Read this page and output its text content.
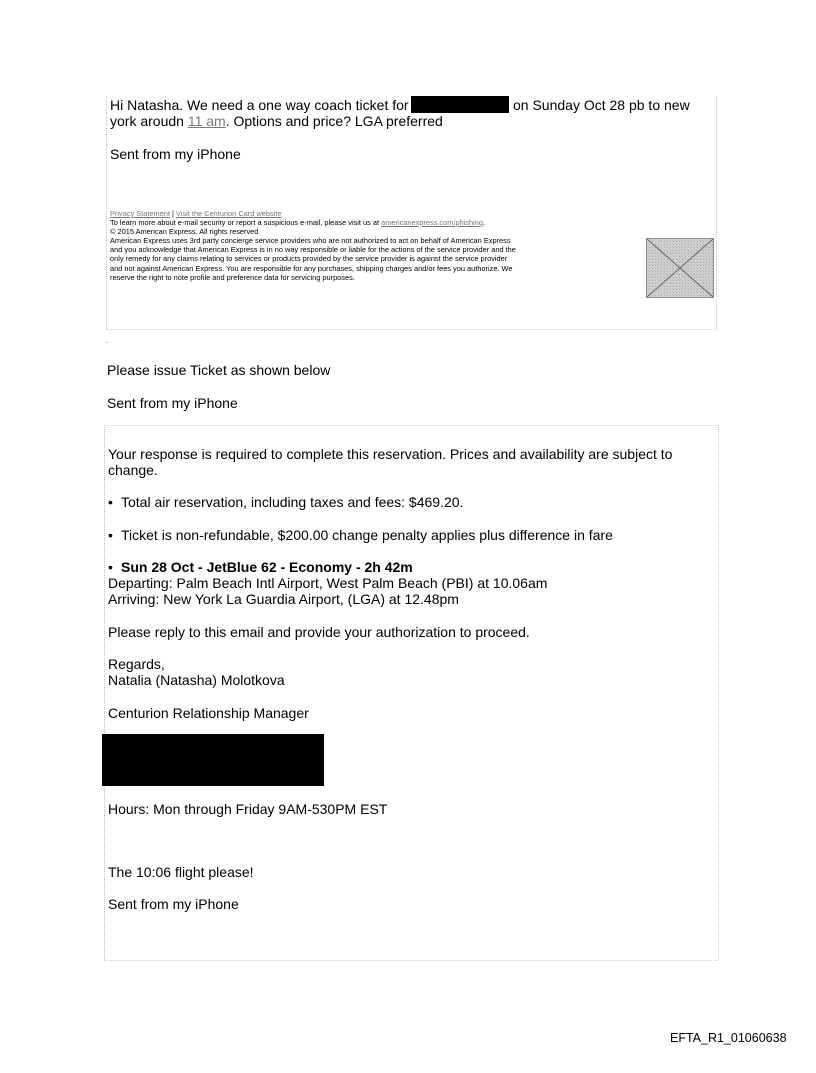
Hi Natasha. We need a one way coach ticket for	on Sunday Oct 28 pb to new
york aroudn 11 am. Options and price? LGA preferred
Sent from my iPhone
Privacy Statement | Visit the Centurion Card website
To learn more about e-mail security or report a suspicious e-mail, please visit us at americanexpress.com/phishing.
© 2015 American Express. All rights reserved
American Express uses 3rd party concierge service providers who are not authorized to act on behalf of American Express
and you acknowledge that American Express is in no way responsible or liable for the actions of the service provider and the
only remedy for any claims relating to services or products provided by the service provider is against the service provider
and not against American Express. You are responsible for any purchases, shipping charges and/or fees you authorize. We
reserve the right to note profile and preference data for servicing purposes.
.
Please issue Ticket as shown below
Sent from my iPhone
Your response is required to complete this reservation. Prices and availability are subject to
change.
• Total air reservation, including taxes and fees: $469.20.
• Ticket is non-refundable, $200.00 change penalty applies plus difference in fare
• Sun 28 Oct - JetBlue 62 - Economy - 2h 42m
Departing: Palm Beach Intl Airport, West Palm Beach (PBI) at 10.06am
Arriving: New York La Guardia Airport, (LGA) at 12.48pm
Please reply to this email and provide your authorization to proceed.
Regards,
Natalia (Natasha) Molotkova
Centurion Relationship Manager
Hours: Mon through Friday 9AM-530PM EST
The 10:06 flight please!
Sent from my iPhone
EFTA_R1_01060638
